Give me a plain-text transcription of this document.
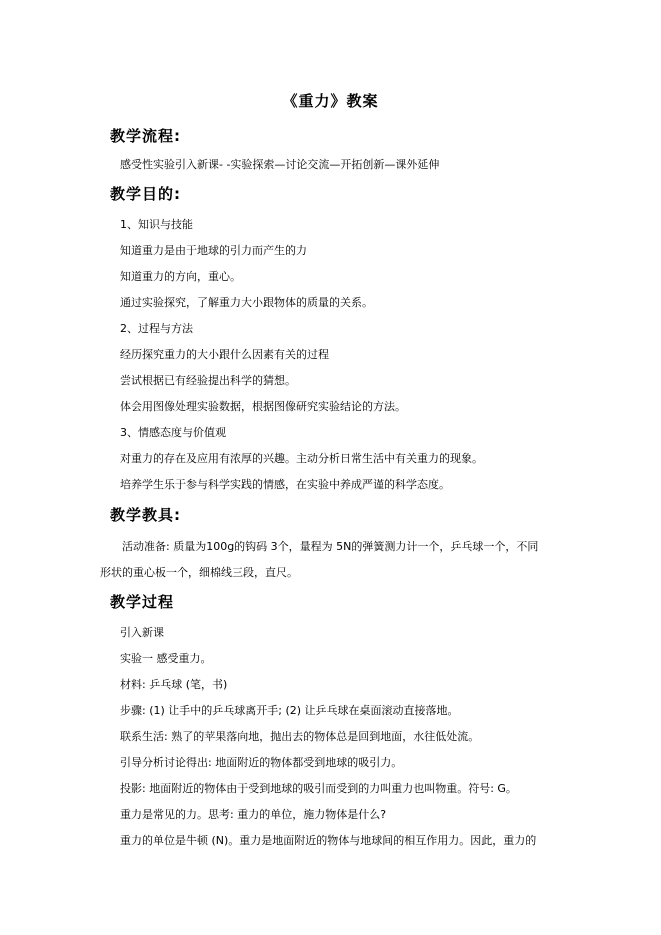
《重力》教案
教学流程:
感受性实验引入新课- -实验探索—讨论交流—开拓创新—课外延伸
教学目的:
1、知识与技能
知道重力是由于地球的引力而产生的力
知道重力的方向，重心。
通过实验探究，了解重力大小跟物体的质量的关系。
2、过程与方法
经历探究重力的大小跟什么因素有关的过程
尝试根据已有经验提出科学的猜想。
体会用图像处理实验数据，根据图像研究实验结论的方法。
3、情感态度与价值观
对重力的存在及应用有浓厚的兴趣。主动分析日常生活中有关重力的现象。
培养学生乐于参与科学实践的情感，在实验中养成严谨的科学态度。
教学教具:
活动准备: 质量为100g的钩码 3个，量程为 5N的弹簧测力计一个，乒乓球一个，不同
形状的重心板一个，细棉线三段，直尺。
教学过程
引入新课
实验一 感受重力。
材料: 乒乓球 (笔，书)
步骤: (1) 让手中的乒乓球离开手; (2) 让乒乓球在桌面滚动直接落地。
联系生活: 熟了的苹果落向地，抛出去的物体总是回到地面，水往低处流。
引导分析讨论得出: 地面附近的物体都受到地球的吸引力。
投影: 地面附近的物体由于受到地球的吸引而受到的力叫重力也叫物重。符号: G。
重力是常见的力。思考: 重力的单位，施力物体是什么?
重力的单位是牛顿 (N)。重力是地面附近的物体与地球间的相互作用力。因此，重力的
